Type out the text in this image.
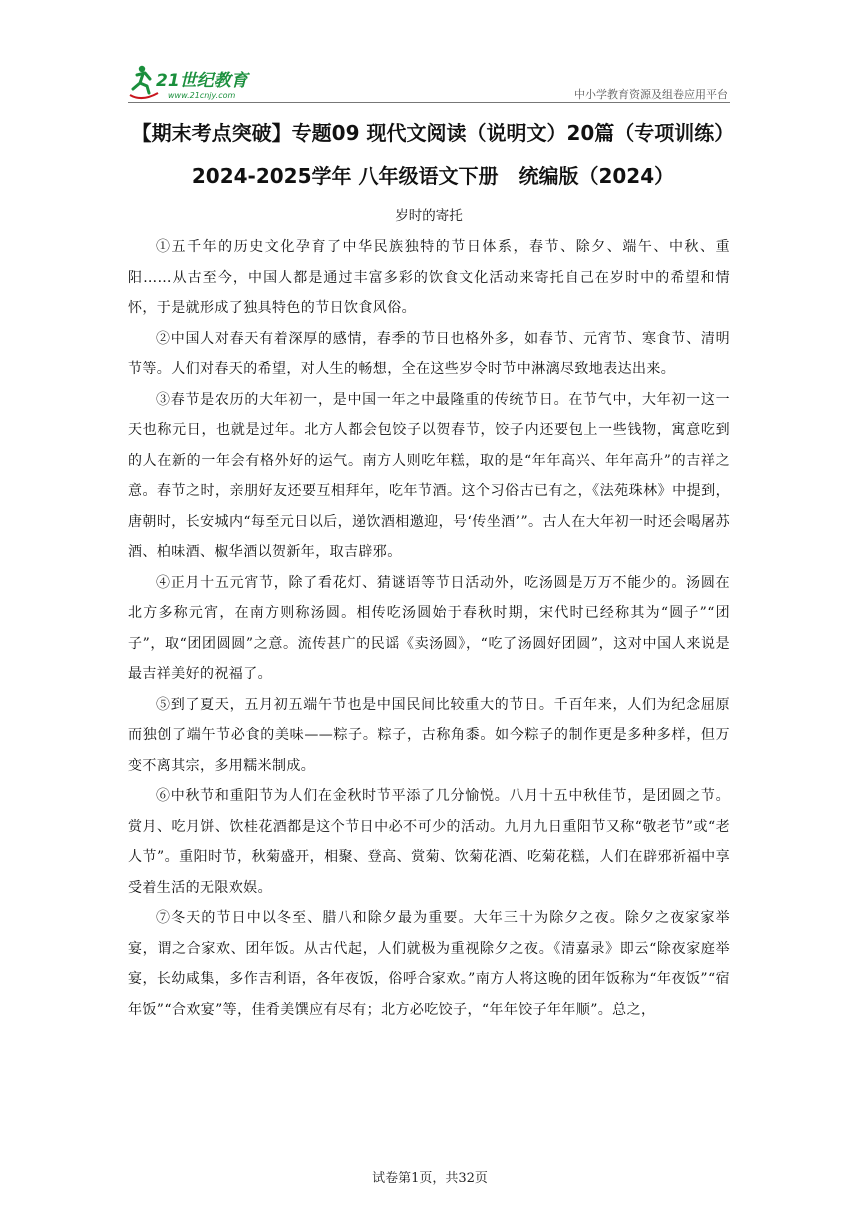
21世纪教育
www.21cnjy.com	中小学教育资源及组卷应用平台
【期末考点突破】专题09 现代文阅读（说明文）20篇（专项训练）2024-2025学年 八年级语文下册　统编版（2024）
岁时的寄托

①五千年的历史文化孕育了中华民族独特的节日体系，春节、除夕、端午、中秋、重阳……从古至今，中国人都是通过丰富多彩的饮食文化活动来寄托自己在岁时中的希望和情怀，于是就形成了独具特色的节日饮食风俗。

②中国人对春天有着深厚的感情，春季的节日也格外多，如春节、元宵节、寒食节、清明节等。人们对春天的希望，对人生的畅想，全在这些岁令时节中淋漓尽致地表达出来。

③春节是农历的大年初一，是中国一年之中最隆重的传统节日。在节气中，大年初一这一天也称元日，也就是过年。北方人都会包饺子以贺春节，饺子内还要包上一些钱物，寓意吃到的人在新的一年会有格外好的运气。南方人则吃年糕，取的是“年年高兴、年年高升”的吉祥之意。春节之时，亲朋好友还要互相拜年，吃年节酒。这个习俗古已有之，《法苑珠林》中提到，唐朝时，长安城内“每至元日以后，递饮酒相邀迎，号‘传坐酒’”。古人在大年初一时还会喝屠苏酒、柏味酒、椒华酒以贺新年，取吉辟邪。

④正月十五元宵节，除了看花灯、猜谜语等节日活动外，吃汤圆是万万不能少的。汤圆在北方多称元宵，在南方则称汤圆。相传吃汤圆始于春秋时期，宋代时已经称其为“圆子”“团子”，取“团团圆圆”之意。流传甚广的民谣《卖汤圆》，“吃了汤圆好团圆”，这对中国人来说是最吉祥美好的祝福了。

⑤到了夏天，五月初五端午节也是中国民间比较重大的节日。千百年来，人们为纪念屈原而独创了端午节必食的美味——粽子。粽子，古称角黍。如今粽子的制作更是多种多样，但万变不离其宗，多用糯米制成。

⑥中秋节和重阳节为人们在金秋时节平添了几分愉悦。八月十五中秋佳节，是团圆之节。赏月、吃月饼、饮桂花酒都是这个节日中必不可少的活动。九月九日重阳节又称“敬老节”或“老人节”。重阳时节，秋菊盛开，相聚、登高、赏菊、饮菊花酒、吃菊花糕，人们在辟邪祈福中享受着生活的无限欢娱。

⑦冬天的节日中以冬至、腊八和除夕最为重要。大年三十为除夕之夜。除夕之夜家家举宴，谓之合家欢、团年饭。从古代起，人们就极为重视除夕之夜。《清嘉录》即云“除夜家庭举宴，长幼咸集，多作吉利语，各年夜饭，俗呼合家欢。”南方人将这晚的团年饭称为“年夜饭”“宿年饭”“合欢宴”等，佳肴美馔应有尽有；北方必吃饺子，“年年饺子年年顺”。总之，

试卷第1页，共32页
